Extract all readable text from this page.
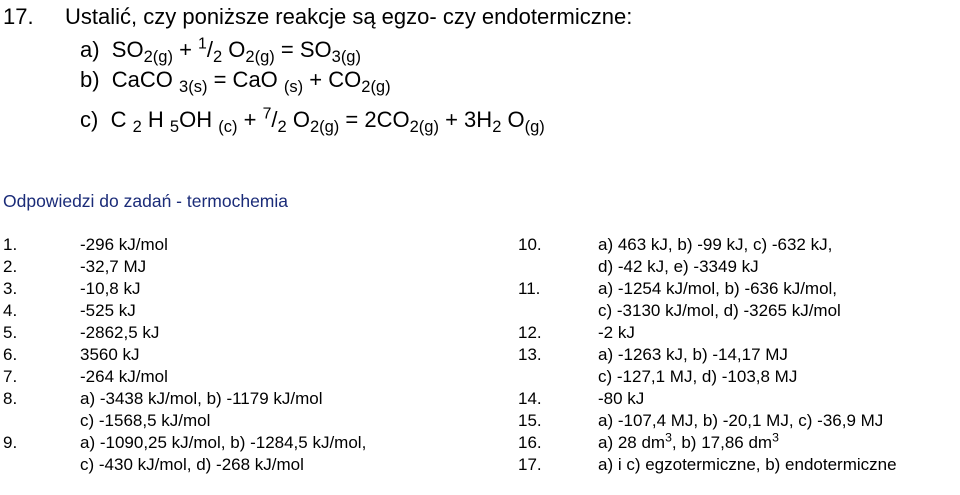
17. Ustalić, czy poniższe reakcje są egzo- czy endotermiczne:
a) $SO_{2(g)} + ^1/_2$ $O_{2(g)} = SO_{3(g)}$
b) CaCO $_{3(s)}$ = CaO $_{(s)} + CO_{2(g)}$
c) C $_2$ H $_5$OH $_{(c)} + ^7/_2$ $O_{2(g)} = 2CO_{2(g)} + 3H_2$ $O_{(g)}$
Odpowiedzi do zadań - termochemia
1.	-296 kJ/mol
2.	-32,7 MJ
3.	-10,8 kJ
4.	-525 kJ
5.	-2862,5 kJ
6.	3560 kJ
7.	-264 kJ/mol
8.	a) -3438 kJ/mol, b) -1179 kJ/mol
c) -1568,5 kJ/mol
9.	a) -1090,25 kJ/mol, b) -1284,5 kJ/mol,
c) -430 kJ/mol, d) -268 kJ/mol
10.	a) 463 kJ, b) -99 kJ, c) -632 kJ,
d) -42 kJ, e) -3349 kJ
11.	a) -1254 kJ/mol, b) -636 kJ/mol,
c) -3130 kJ/mol, d) -3265 kJ/mol
12.	-2 kJ
13.	a) -1263 kJ, b) -14,17 MJ
c) -127,1 MJ, d) -103,8 MJ
14.	-80 kJ
15.	a) -107,4 MJ, b) -20,1 MJ, c) -36,9 MJ
16.	a) 28 $dm^3$, b) 17,86 $dm^3$
17.	a) i c) egzotermiczne, b) endotermiczne
